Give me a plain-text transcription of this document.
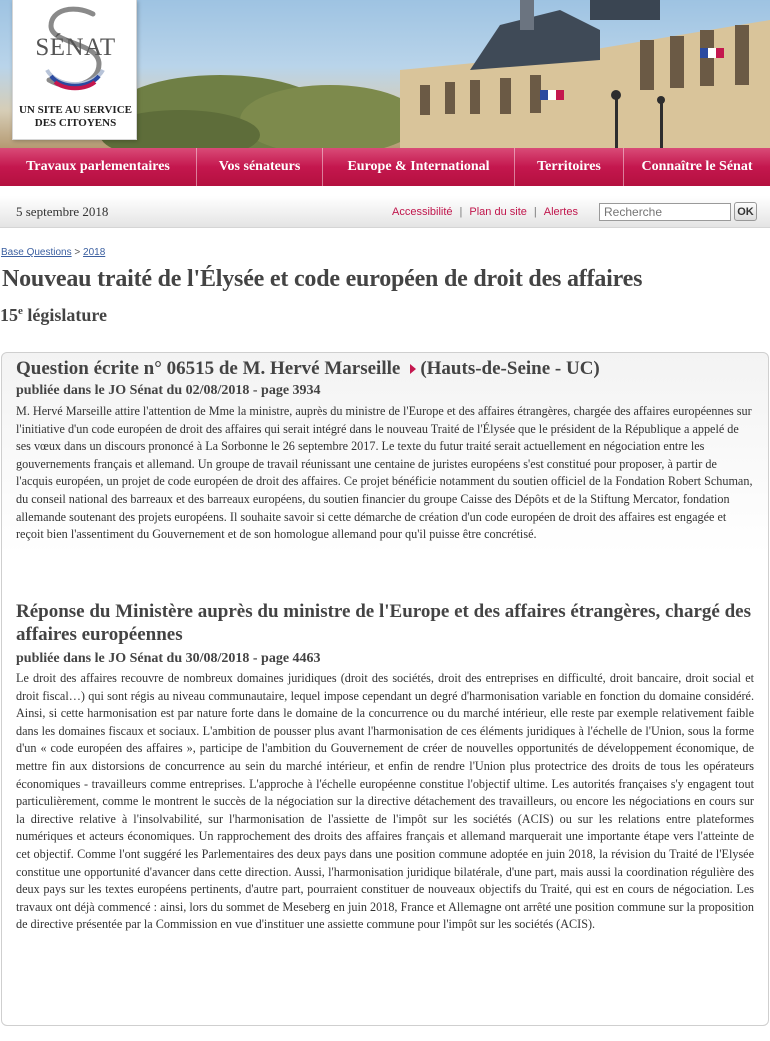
SÉNAT
UN SITE AU SERVICE DES CITOYENS
Travaux parlementaires	Vos sénateurs	Europe & International	Territoires	Connaître le Sénat
5 septembre 2018	Accessibilité | Plan du site | Alertes
Recherche	OK
Base Questions > 2018
Nouveau traité de l'Élysée et code européen de droit des affaires
15e législature
Question écrite n° 06515 de M. Hervé Marseille (Hauts-de-Seine - UC)
publiée dans le JO Sénat du 02/08/2018 - page 3934

M. Hervé Marseille attire l'attention de Mme la ministre, auprès du ministre de l'Europe et des affaires étrangères, chargée des affaires européennes sur l'initiative d'un code européen de droit des affaires qui serait intégré dans le nouveau Traité de l'Élysée que le président de la République a appelé de ses vœux dans un discours prononcé à La Sorbonne le 26 septembre 2017. Le texte du futur traité serait actuellement en négociation entre les gouvernements français et allemand. Un groupe de travail réunissant une centaine de juristes européens s'est constitué pour proposer, à partir de l'acquis européen, un projet de code européen de droit des affaires. Ce projet bénéficie notamment du soutien officiel de la Fondation Robert Schuman, du conseil national des barreaux et des barreaux européens, du soutien financier du groupe Caisse des Dépôts et de la Stiftung Mercator, fondation allemande soutenant des projets européens. Il souhaite savoir si cette démarche de création d'un code européen de droit des affaires est engagée et reçoit bien l'assentiment du Gouvernement et de son homologue allemand pour qu'il puisse être concrétisé.

Réponse du Ministère auprès du ministre de l'Europe et des affaires étrangères, chargé des affaires européennes
publiée dans le JO Sénat du 30/08/2018 - page 4463

Le droit des affaires recouvre de nombreux domaines juridiques (droit des sociétés, droit des entreprises en difficulté, droit bancaire, droit social et droit fiscal…) qui sont régis au niveau communautaire, lequel impose cependant un degré d'harmonisation variable en fonction du domaine considéré. Ainsi, si cette harmonisation est par nature forte dans le domaine de la concurrence ou du marché intérieur, elle reste par exemple relativement faible dans les domaines fiscaux et sociaux. L'ambition de pousser plus avant l'harmonisation de ces éléments juridiques à l'échelle de l'Union, sous la forme d'un « code européen des affaires », participe de l'ambition du Gouvernement de créer de nouvelles opportunités de développement économique, de mettre fin aux distorsions de concurrence au sein du marché intérieur, et enfin de rendre l'Union plus protectrice des droits de tous les opérateurs économiques - travailleurs comme entreprises. L'approche à l'échelle européenne constitue l'objectif ultime. Les autorités françaises s'y engagent tout particulièrement, comme le montrent le succès de la négociation sur la directive détachement des travailleurs, ou encore les négociations en cours sur la directive relative à l'insolvabilité, sur l'harmonisation de l'assiette de l'impôt sur les sociétés (ACIS) ou sur les relations entre plateformes numériques et acteurs économiques. Un rapprochement des droits des affaires français et allemand marquerait une importante étape vers l'atteinte de cet objectif. Comme l'ont suggéré les Parlementaires des deux pays dans une position commune adoptée en juin 2018, la révision du Traité de l'Elysée constitue une opportunité d'avancer dans cette direction. Aussi, l'harmonisation juridique bilatérale, d'une part, mais aussi la coordination régulière des deux pays sur les textes européens pertinents, d'autre part, pourraient constituer de nouveaux objectifs du Traité, qui est en cours de négociation. Les travaux ont déjà commencé : ainsi, lors du sommet de Meseberg en juin 2018, France et Allemagne ont arrêté une position commune sur la proposition de directive présentée par la Commission en vue d'instituer une assiette commune pour l'impôt sur les sociétés (ACIS).
